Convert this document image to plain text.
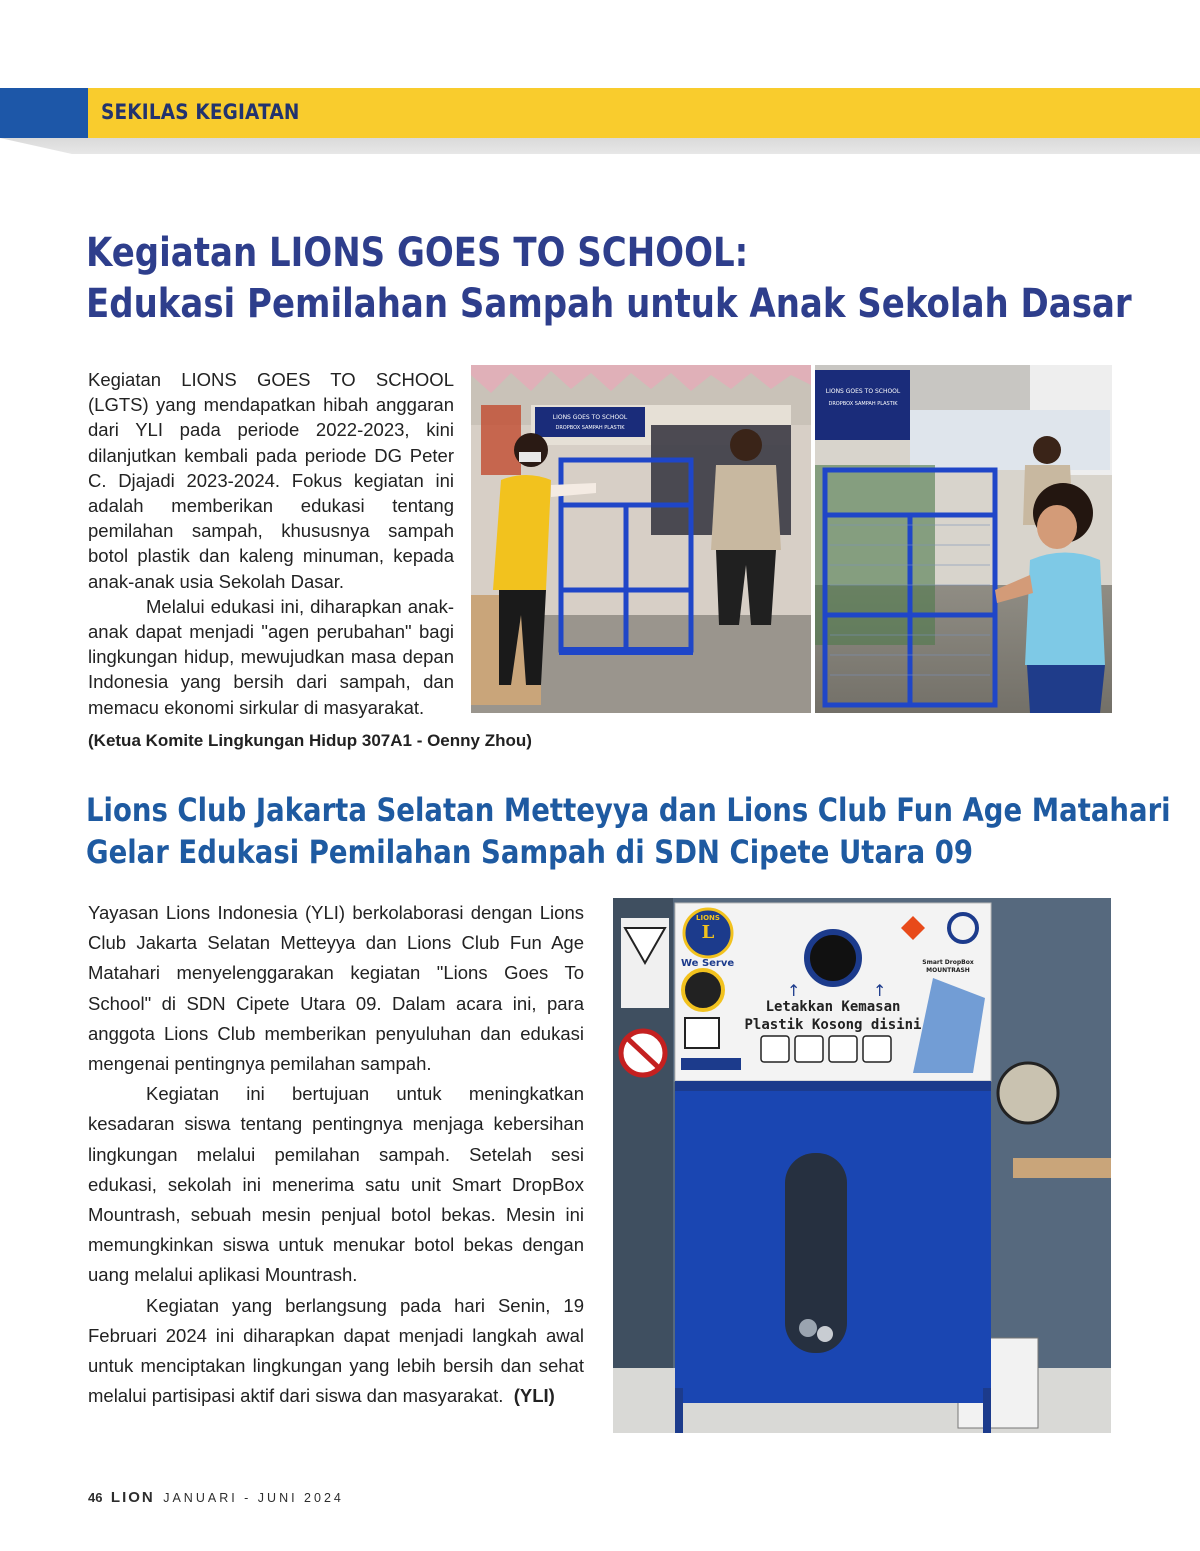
SEKILAS KEGIATAN
Kegiatan LIONS GOES TO SCHOOL:
Edukasi Pemilahan Sampah untuk Anak Sekolah Dasar

Kegiatan LIONS GOES TO SCHOOL (LGTS) yang mendapatkan hibah anggaran dari YLI pada periode 2022-2023, kini dilanjutkan kembali pada periode DG Peter C. Djajadi 2023-2024. Fokus kegiatan ini adalah memberikan edukasi tentang pemilahan sampah, khususnya sampah botol plastik dan kaleng minuman, kepada anak-anak usia Sekolah Dasar.

Melalui edukasi ini, diharapkan anak-anak dapat menjadi "agen perubahan" bagi lingkungan hidup, mewujudkan masa depan Indonesia yang bersih dari sampah, dan memacu ekonomi sirkular di masyarakat.

(Ketua Komite Lingkungan Hidup 307A1 - Oenny Zhou)
LIONS GOES TO SCHOOL
DROPBOX SAMPAH PLASTIK
LIONS GOES TO SCHOOL
DROPBOX SAMPAH PLASTIK
Lions Club Jakarta Selatan Metteyya dan Lions Club Fun Age Matahari
Gelar Edukasi Pemilahan Sampah di SDN Cipete Utara 09

Yayasan Lions Indonesia (YLI) berkolaborasi dengan Lions Club Jakarta Selatan Metteyya dan Lions Club Fun Age Matahari menyelenggarakan kegiatan "Lions Goes To School" di SDN Cipete Utara 09. Dalam acara ini, para anggota Lions Club memberikan penyuluhan dan edukasi mengenai pentingnya pemilahan sampah.

Kegiatan ini bertujuan untuk meningkatkan kesadaran siswa tentang pentingnya menjaga kebersihan lingkungan melalui pemilahan sampah. Setelah sesi edukasi, sekolah ini menerima satu unit Smart DropBox Mountrash, sebuah mesin penjual botol bekas. Mesin ini memungkinkan siswa untuk menukar botol bekas dengan uang melalui aplikasi Mountrash.

Kegiatan yang berlangsung pada hari Senin, 19 Februari 2024 ini diharapkan dapat menjadi langkah awal untuk menciptakan lingkungan yang lebih bersih dan sehat melalui partisipasi aktif dari siswa dan masyarakat. (YLI)

LIONS
L
We Serve
↑	↑
Letakkan Kemasan
Plastik Kosong disini
Smart DropBox
MOUNTRASH
46 LION JANUARI - JUNI 2024
